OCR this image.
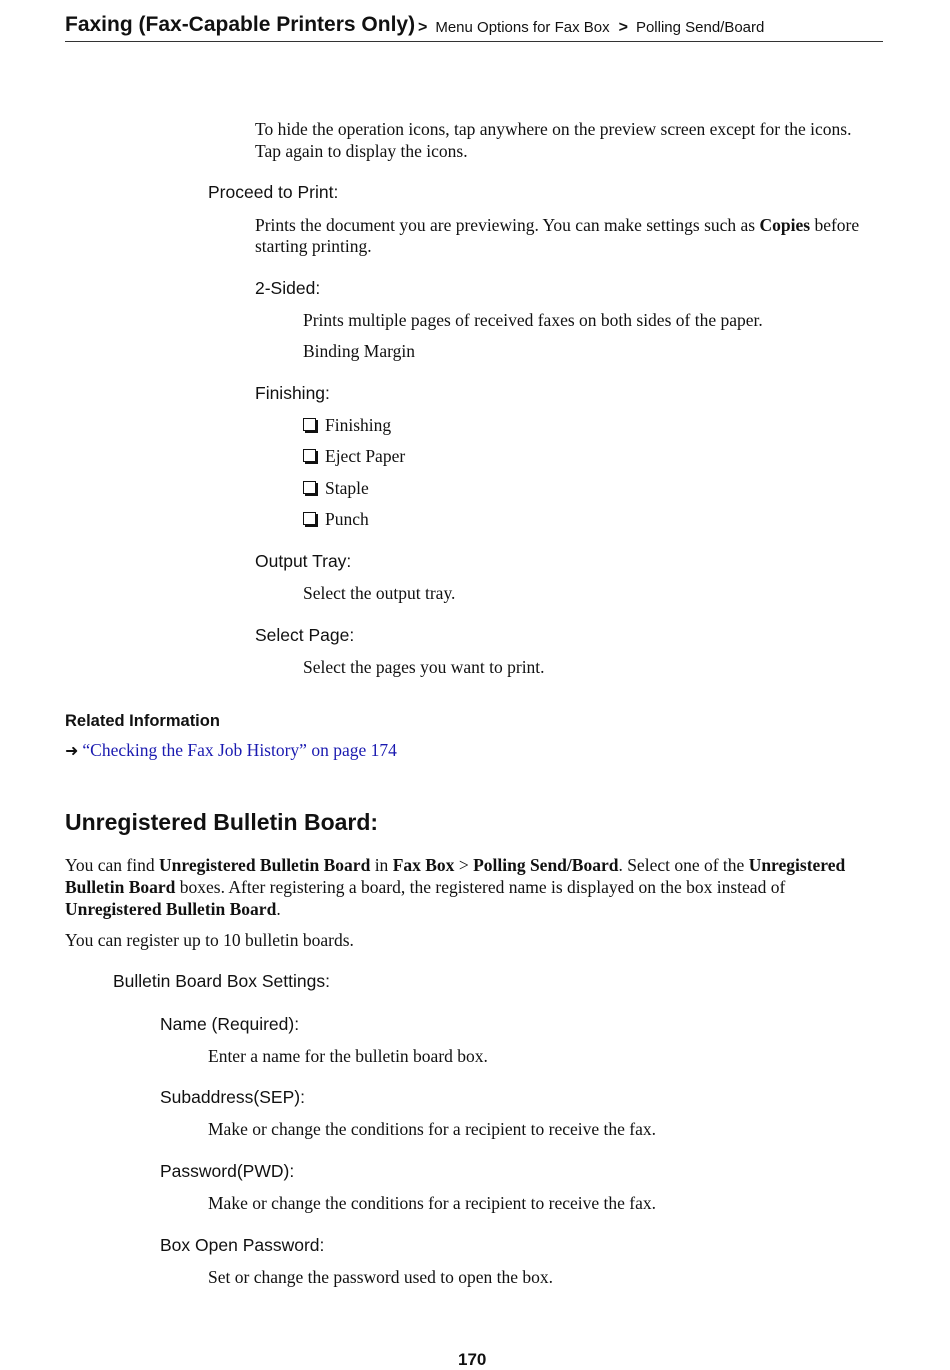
Faxing (Fax-Capable Printers Only) > Menu Options for Fax Box > Polling Send/Board
To hide the operation icons, tap anywhere on the preview screen except for the icons.
Tap again to display the icons.
Proceed to Print:
Prints the document you are previewing. You can make settings such as Copies before
starting printing.
2-Sided:
Prints multiple pages of received faxes on both sides of the paper.
Binding Margin
Finishing:
Finishing
Eject Paper
Staple
Punch
Output Tray:
Select the output tray.
Select Page:
Select the pages you want to print.
Related Information
➜ “Checking the Fax Job History” on page 174
Unregistered Bulletin Board:
You can find Unregistered Bulletin Board in Fax Box > Polling Send/Board. Select one of the Unregistered
Bulletin Board boxes. After registering a board, the registered name is displayed on the box instead of
Unregistered Bulletin Board.
You can register up to 10 bulletin boards.
Bulletin Board Box Settings:
Name (Required):
Enter a name for the bulletin board box.
Subaddress(SEP):
Make or change the conditions for a recipient to receive the fax.
Password(PWD):
Make or change the conditions for a recipient to receive the fax.
Box Open Password:
Set or change the password used to open the box.
170
